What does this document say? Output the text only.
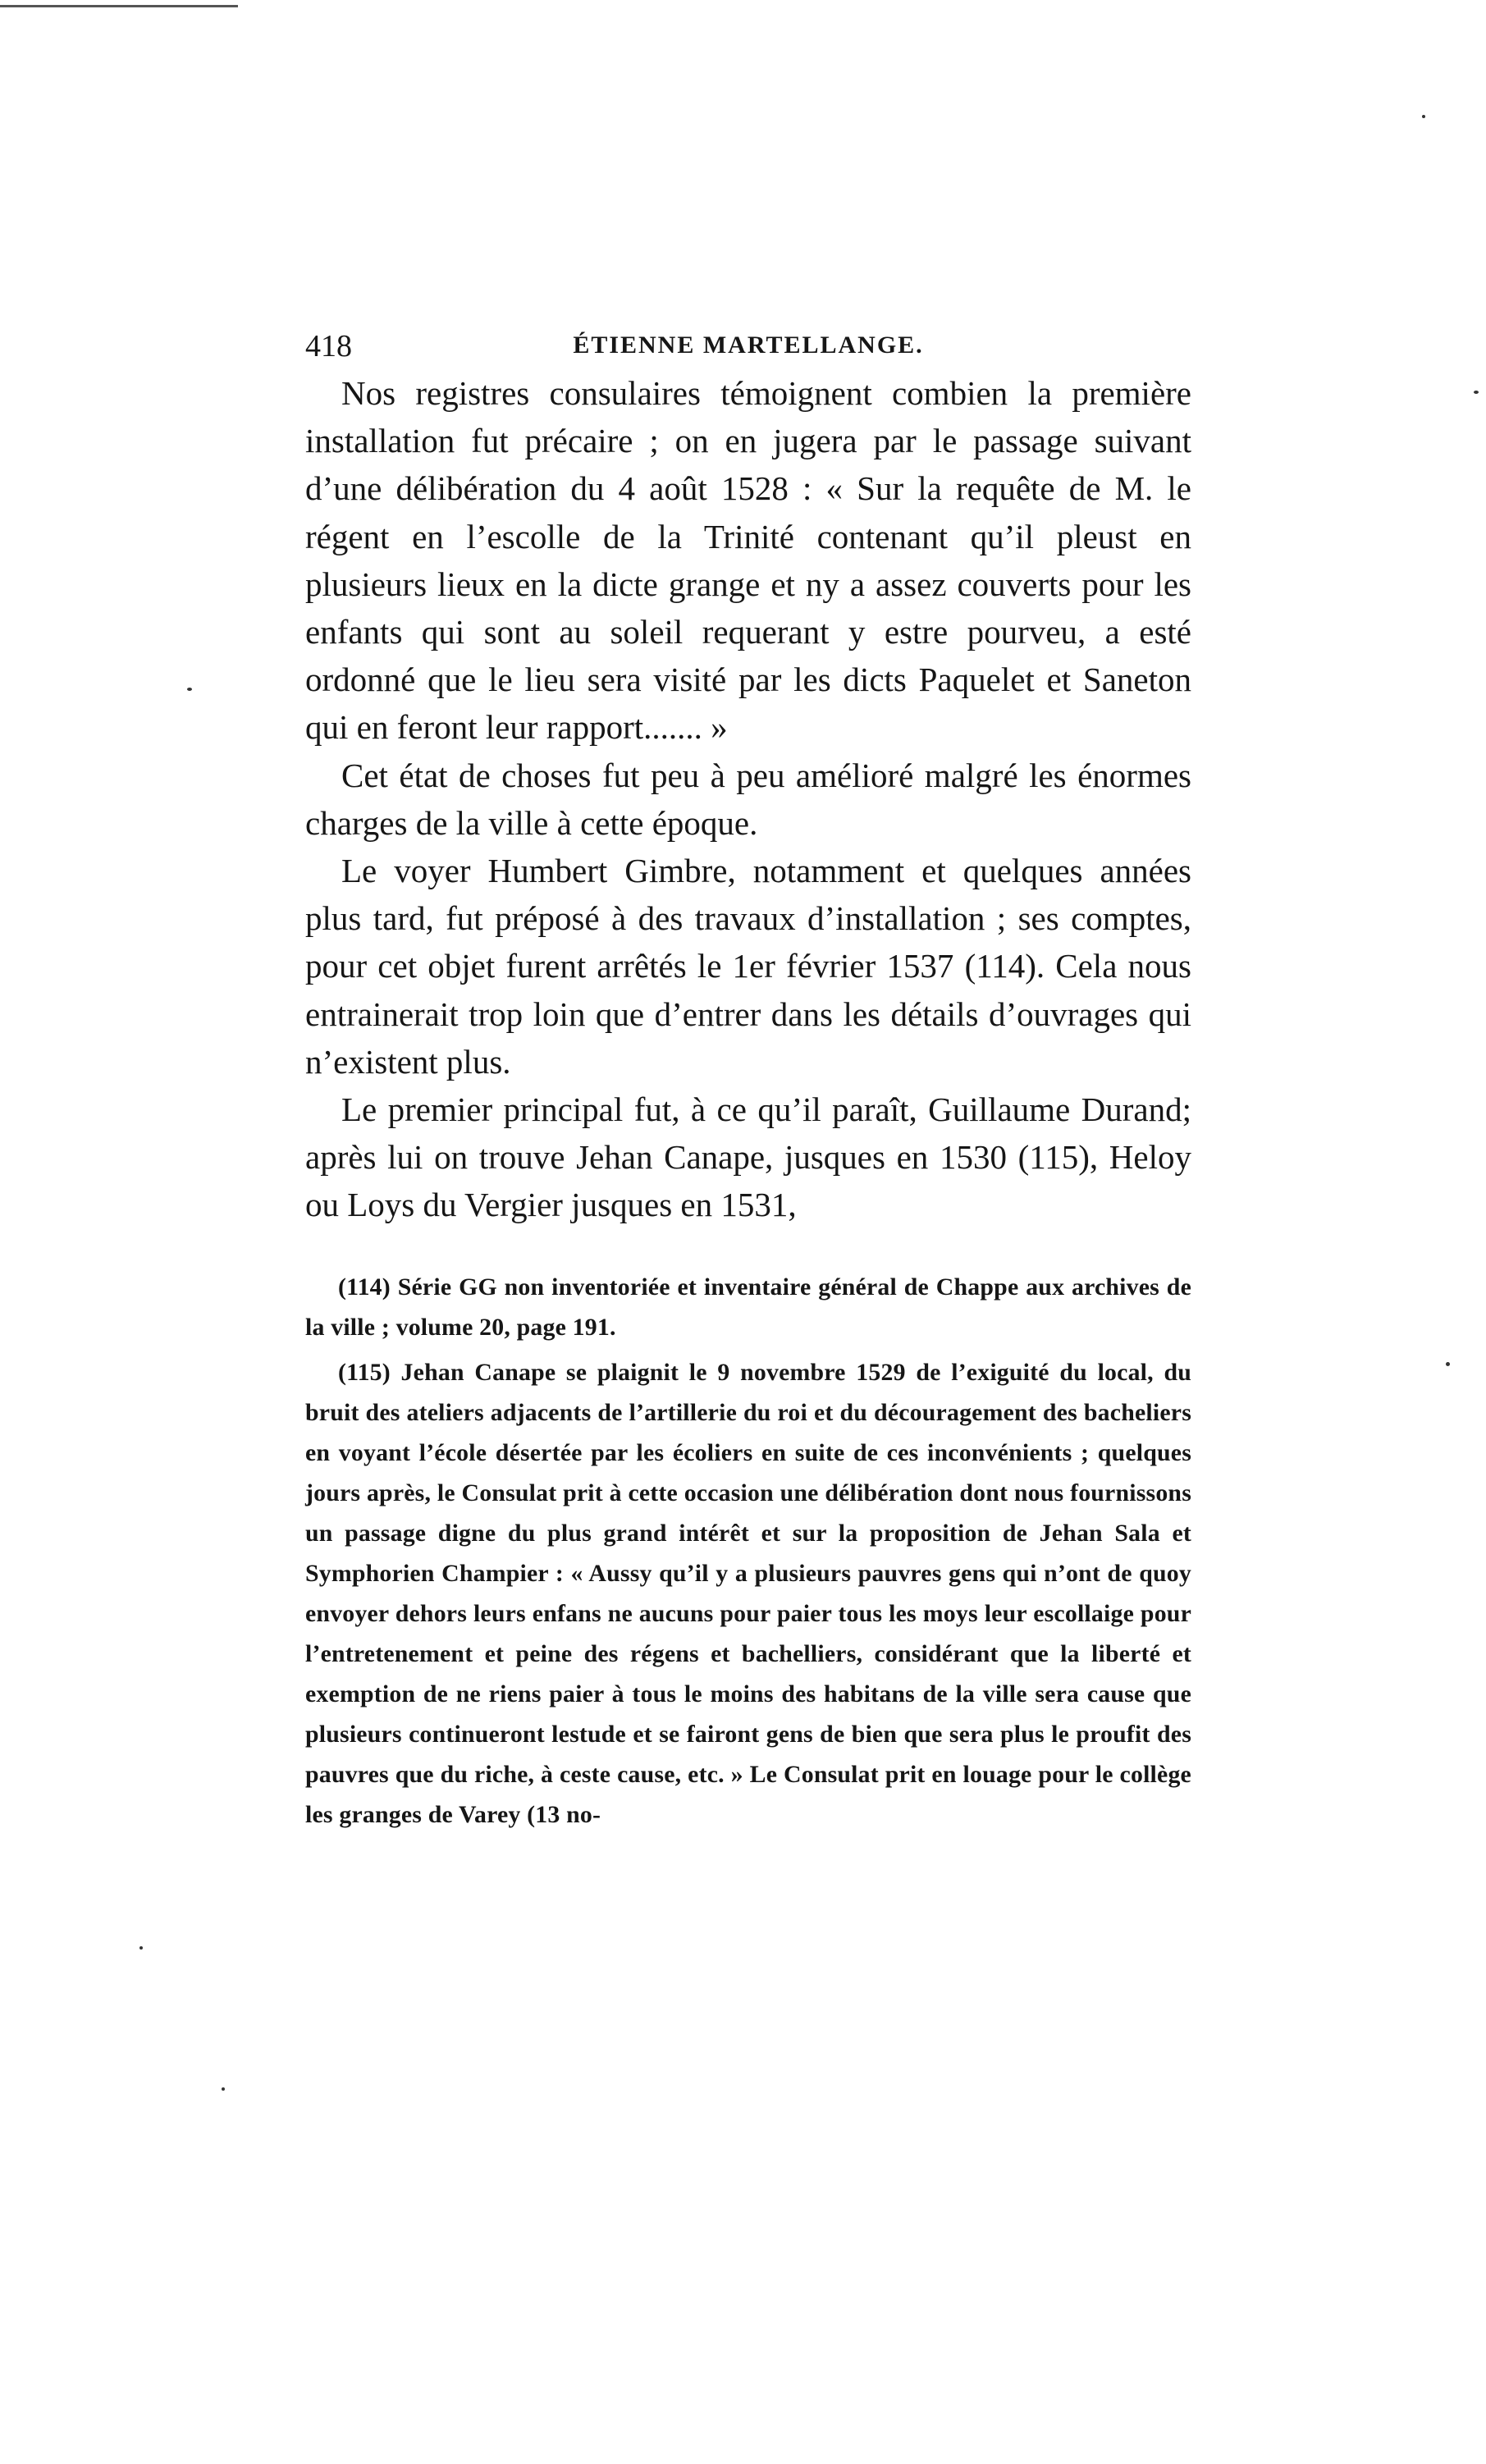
418	ÉTIENNE MARTELLANGE.

Nos registres consulaires témoignent combien la première installation fut précaire ; on en jugera par le passage suivant d’une délibération du 4 août 1528 : « Sur la requête de M. le régent en l’escolle de la Trinité contenant qu’il pleust en plusieurs lieux en la dicte grange et ny a assez couverts pour les enfants qui sont au soleil requerant y estre pourveu, a esté ordonné que le lieu sera visité par les dicts Paquelet et Saneton qui en feront leur rapport....... »

Cet état de choses fut peu à peu amélioré malgré les énormes charges de la ville à cette époque.

Le voyer Humbert Gimbre, notamment et quelques années plus tard, fut préposé à des travaux d’installation ; ses comptes, pour cet objet furent arrêtés le 1er février 1537 (114). Cela nous entrainerait trop loin que d’entrer dans les détails d’ouvrages qui n’existent plus.

Le premier principal fut, à ce qu’il paraît, Guillaume Durand; après lui on trouve Jehan Canape, jusques en 1530 (115), Heloy ou Loys du Vergier jusques en 1531,

(114) Série GG non inventoriée et inventaire général de Chappe aux archives de la ville ; volume 20, page 191.

(115) Jehan Canape se plaignit le 9 novembre 1529 de l’exiguité du local, du bruit des ateliers adjacents de l’artillerie du roi et du découragement des bacheliers en voyant l’école désertée par les écoliers en suite de ces inconvénients ; quelques jours après, le Consulat prit à cette occasion une délibération dont nous fournissons un passage digne du plus grand intérêt et sur la proposition de Jehan Sala et Symphorien Champier : « Aussy qu’il y a plusieurs pauvres gens qui n’ont de quoy envoyer dehors leurs enfans ne aucuns pour paier tous les moys leur escollaige pour l’entretenement et peine des régens et bachelliers, considérant que la liberté et exemption de ne riens paier à tous le moins des habitans de la ville sera cause que plusieurs continueront lestude et se fairont gens de bien que sera plus le proufit des pauvres que du riche, à ceste cause, etc. » Le Consulat prit en louage pour le collège les granges de Varey (13 no-
